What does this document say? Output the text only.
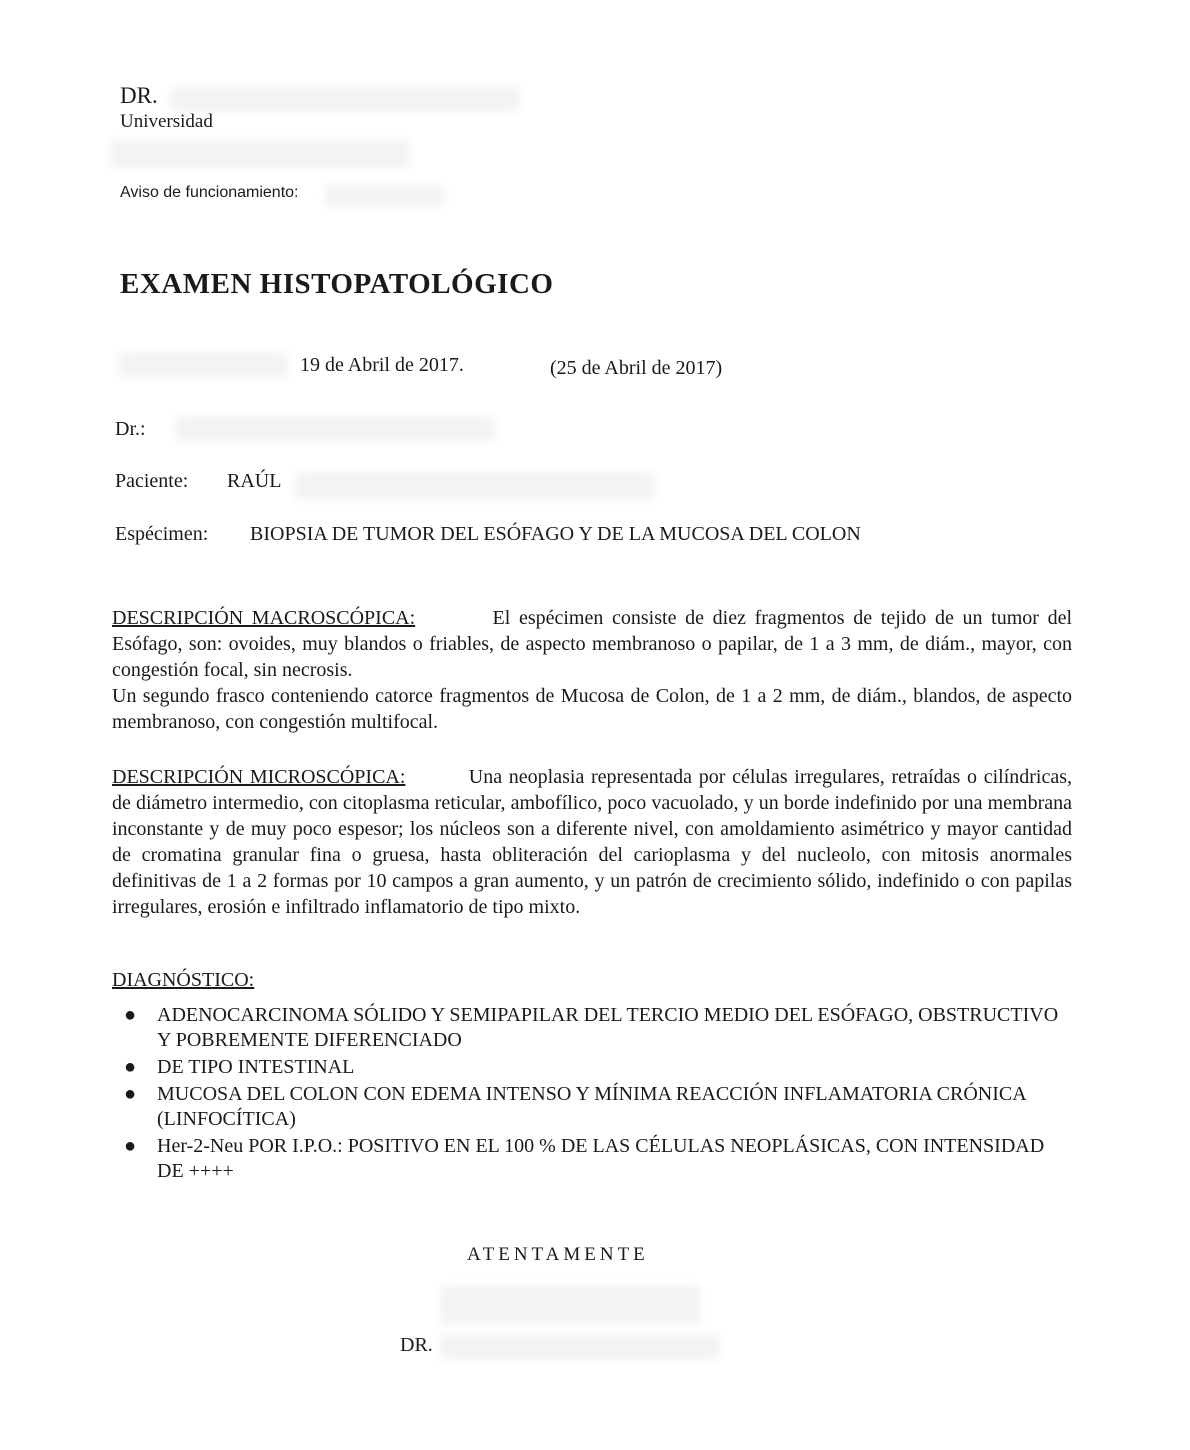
DR.
Universidad
Aviso de funcionamiento:
EXAMEN HISTOPATOLÓGICO
19 de Abril de 2017.	(25 de Abril de 2017)
Dr.:
Paciente: RAÚL
Espécimen: BIOPSIA DE TUMOR DEL ESÓFAGO Y DE LA MUCOSA DEL COLON
DESCRIPCIÓN MACROSCÓPICA:	El espécimen consiste de diez fragmentos de tejido de un tumor del Esófago, son: ovoides, muy blandos o friables, de aspecto membranoso o papilar, de 1 a 3 mm, de diám., mayor, con congestión focal, sin necrosis.
Un segundo frasco conteniendo catorce fragmentos de Mucosa de Colon, de 1 a 2 mm, de diám., blandos, de aspecto membranoso, con congestión multifocal.
DESCRIPCIÓN MICROSCÓPICA:	Una neoplasia representada por células irregulares, retraídas o cilíndricas, de diámetro intermedio, con citoplasma reticular, ambofílico, poco vacuolado, y un borde indefinido por una membrana inconstante y de muy poco espesor; los núcleos son a diferente nivel, con amoldamiento asimétrico y mayor cantidad de cromatina granular fina o gruesa, hasta obliteración del carioplasma y del nucleolo, con mitosis anormales definitivas de 1 a 2 formas por 10 campos a gran aumento, y un patrón de crecimiento sólido, indefinido o con papilas irregulares, erosión e infiltrado inflamatorio de tipo mixto.
DIAGNÓSTICO:
● ADENOCARCINOMA SÓLIDO Y SEMIPAPILAR DEL TERCIO MEDIO DEL ESÓFAGO, OBSTRUCTIVO Y POBREMENTE DIFERENCIADO
● DE TIPO INTESTINAL
● MUCOSA DEL COLON CON EDEMA INTENSO Y MÍNIMA REACCIÓN INFLAMATORIA CRÓNICA (LINFOCÍTICA)
● Her-2-Neu POR I.P.O.: POSITIVO EN EL 100 % DE LAS CÉLULAS NEOPLÁSICAS, CON INTENSIDAD DE ++++
ATENTAMENTE
DR.
